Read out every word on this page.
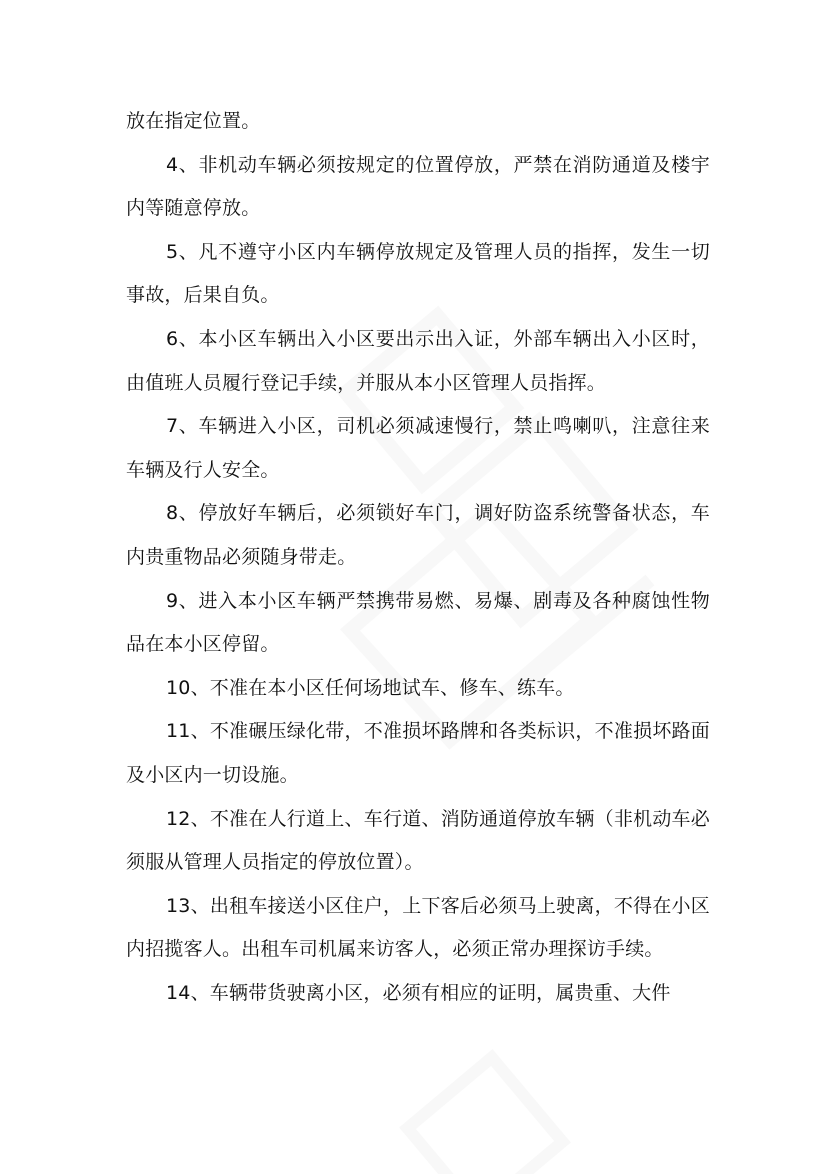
放在指定位置。

4、非机动车辆必须按规定的位置停放，严禁在消防通道及楼宇内等随意停放。

5、凡不遵守小区内车辆停放规定及管理人员的指挥，发生一切事故，后果自负。

6、本小区车辆出入小区要出示出入证，外部车辆出入小区时，由值班人员履行登记手续，并服从本小区管理人员指挥。

7、车辆进入小区，司机必须减速慢行，禁止鸣喇叭，注意往来车辆及行人安全。

8、停放好车辆后，必须锁好车门，调好防盗系统警备状态，车内贵重物品必须随身带走。

9、进入本小区车辆严禁携带易燃、易爆、剧毒及各种腐蚀性物品在本小区停留。

10、不准在本小区任何场地试车、修车、练车。

11、不准碾压绿化带，不准损坏路牌和各类标识，不准损坏路面及小区内一切设施。

12、不准在人行道上、车行道、消防通道停放车辆（非机动车必须服从管理人员指定的停放位置）。

13、出租车接送小区住户，上下客后必须马上驶离，不得在小区内招揽客人。出租车司机属来访客人，必须正常办理探访手续。

14、车辆带货驶离小区，必须有相应的证明，属贵重、大件
